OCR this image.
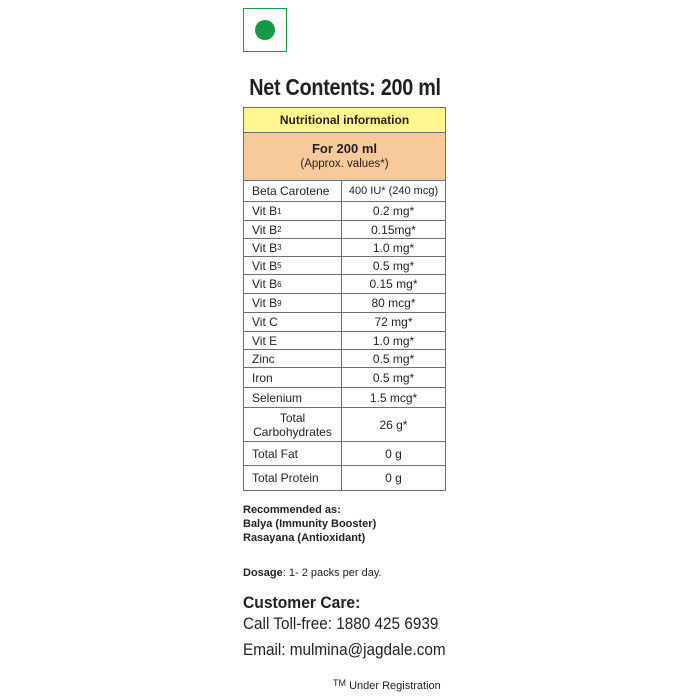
Net Contents: 200 ml
Nutritional information
For 200 ml
(Approx. values*)
Beta Carotene	400 IU* (240 mcg)
Vit B 1	0.2 mg*
Vit B 2	0.15mg*
Vit B 3	1.0 mg*
Vit B 5	0.5 mg*
Vit B 6	0.15 mg*
Vit B 9	80 mcg*
Vit C	72 mg*
Vit E	1.0 mg*
Zinc	0.5 mg*
Iron	0.5 mg*
Selenium	1.5 mcg*
Total Carbohydrates	26 g*
Total Fat	0 g
Total Protein	0 g
Recommended as:
Balya (Immunity Booster)
Rasayana (Antioxidant)
Dosage: 1- 2 packs per day.
Customer Care:
Call Toll-free: 1880 425 6939
Email: mulmina@jagdale.com
™ Under Registration
